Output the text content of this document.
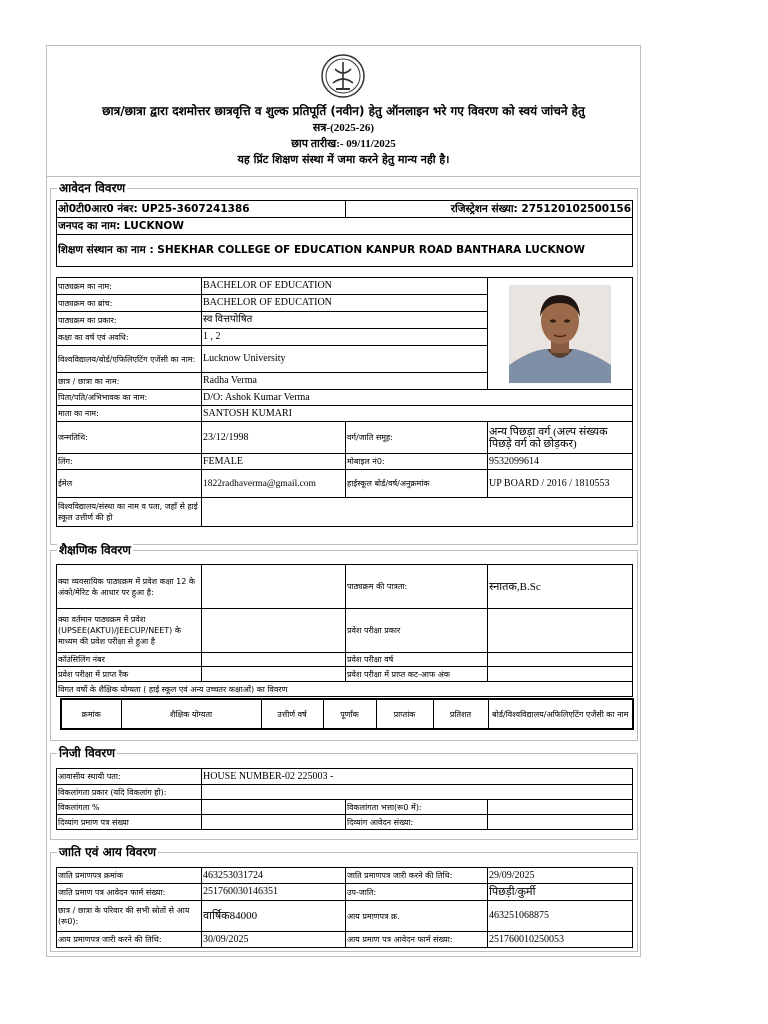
छात्र/छात्रा द्वारा दशमोत्तर छात्रवृत्ति व शुल्क प्रतिपूर्ति (नवीन) हेतु ऑनलाइन भरे गए विवरण को स्वयं जांचने हेतु
सत्र-(2025-26)
छाप तारीख:- 09/11/2025
यह प्रिंट शिक्षण संस्था में जमा करने हेतु मान्य नही है।
आवेदन विवरण
ओ0टी0आर0 नंबर: UP25-3607241386	रजिस्ट्रेशन संख्या: 275120102500156
जनपद का नाम: LUCKNOW
शिक्षण संस्थान का नाम : SHEKHAR COLLEGE OF EDUCATION KANPUR ROAD BANTHARA LUCKNOW
पाठ्यक्रम का नाम:	BACHELOR OF EDUCATION	
पाठ्यक्रम का ब्रांच:	BACHELOR OF EDUCATION		
पाठ्यक्रम का प्रकार:	स्व वित्तपोषित		
कक्षा का वर्ष एवं अवधि:	1 , 2		
विश्वविद्यालय/बोर्ड/एफिलिएटिंग एजेंसी का नाम:	Lucknow University		
छात्र / छात्रा का नाम:	Radha Verma		
पिता/पति/अभिभावक का नाम:	D/O: Ashok Kumar Verma		
माता का नाम:	SANTOSH KUMARI		
जन्मतिथि:	23/12/1998	वर्ग/जाति समूह:	अन्य पिछड़ा वर्ग (अल्प संख्यक पिछड़े वर्ग को छोड़कर)
लिंग:	FEMALE	मोबाइल नं0:	9532099614
ईमेल	1822radhaverma@gmail.com	हाईस्कूल बोर्ड/वर्ष/अनुक्रमांक	UP BOARD / 2016 / 1810553
विश्वविद्यालय/संस्था का नाम व पता, जहाँ से हाई स्कूल उत्तीर्ण की हो			
शैक्षणिक विवरण
क्या व्यवसायिक पाठ्यक्रम में प्रवेश कक्षा 12 के अंको/मेरिट के आधार पर हुआ है:		पाठ्यक्रम की पात्रता:	स्नातक,B.Sc
क्या वर्तमान पाठ्यक्रम में प्रवेश (UPSEE(AKTU)/JEECUP/NEET) के माध्यम की प्रवेश परीक्षा से हुआ है		प्रवेश परीक्षा प्रकार	
कॉउंसिलिंग नंबर		प्रवेश परीक्षा वर्ष	
प्रवेश परीक्षा में प्राप्त रैंक		प्रवेश परीक्षा में प्राप्त कट-आफ अंक	
विगत वर्षो के शैक्षिक योग्यता ( हाई स्कूल एवं अन्य उच्चतर कक्षाओं) का विवरण			
क्रमांक	शैक्षिक योग्यता	उत्तीर्ण वर्ष	पूर्णांक	प्राप्तांक	प्रतिशत	बोर्ड/विश्वविद्यालय/अफिलिएटिंग एजेंसी का नाम
निजी विवरण
आवासीय स्थायी पता:	HOUSE NUMBER-02 225003 -		
विकलांगता प्रकार (यदि विकलांग हो):			
विकलांगता %		विकलांगता भत्ता(रू0 में):	
दिव्यांग प्रमाण पत्र संख्या		दिव्यांग आवेदन संख्या:	
जाति एवं आय विवरण
जाति प्रमाणपत्र क्रमांक	463253031724	जाति प्रमाणपत्र जारी करने की तिथि:	29/09/2025
जाति प्रमाण पत्र आवेदन फार्म संख्या:	251760030146351	उप-जाति:	पिछड़ी/कुर्मी
छात्र / छात्रा के परिवार की सभी स्रोतों से आय (रू0):	वार्षिक84000	आय प्रमाणपत्र क्र.	463251068875
आय प्रमाणपत्र जारी करने की तिथि:	30/09/2025	आय प्रमाण पत्र आवेदन फार्म संख्या:	251760010250053
